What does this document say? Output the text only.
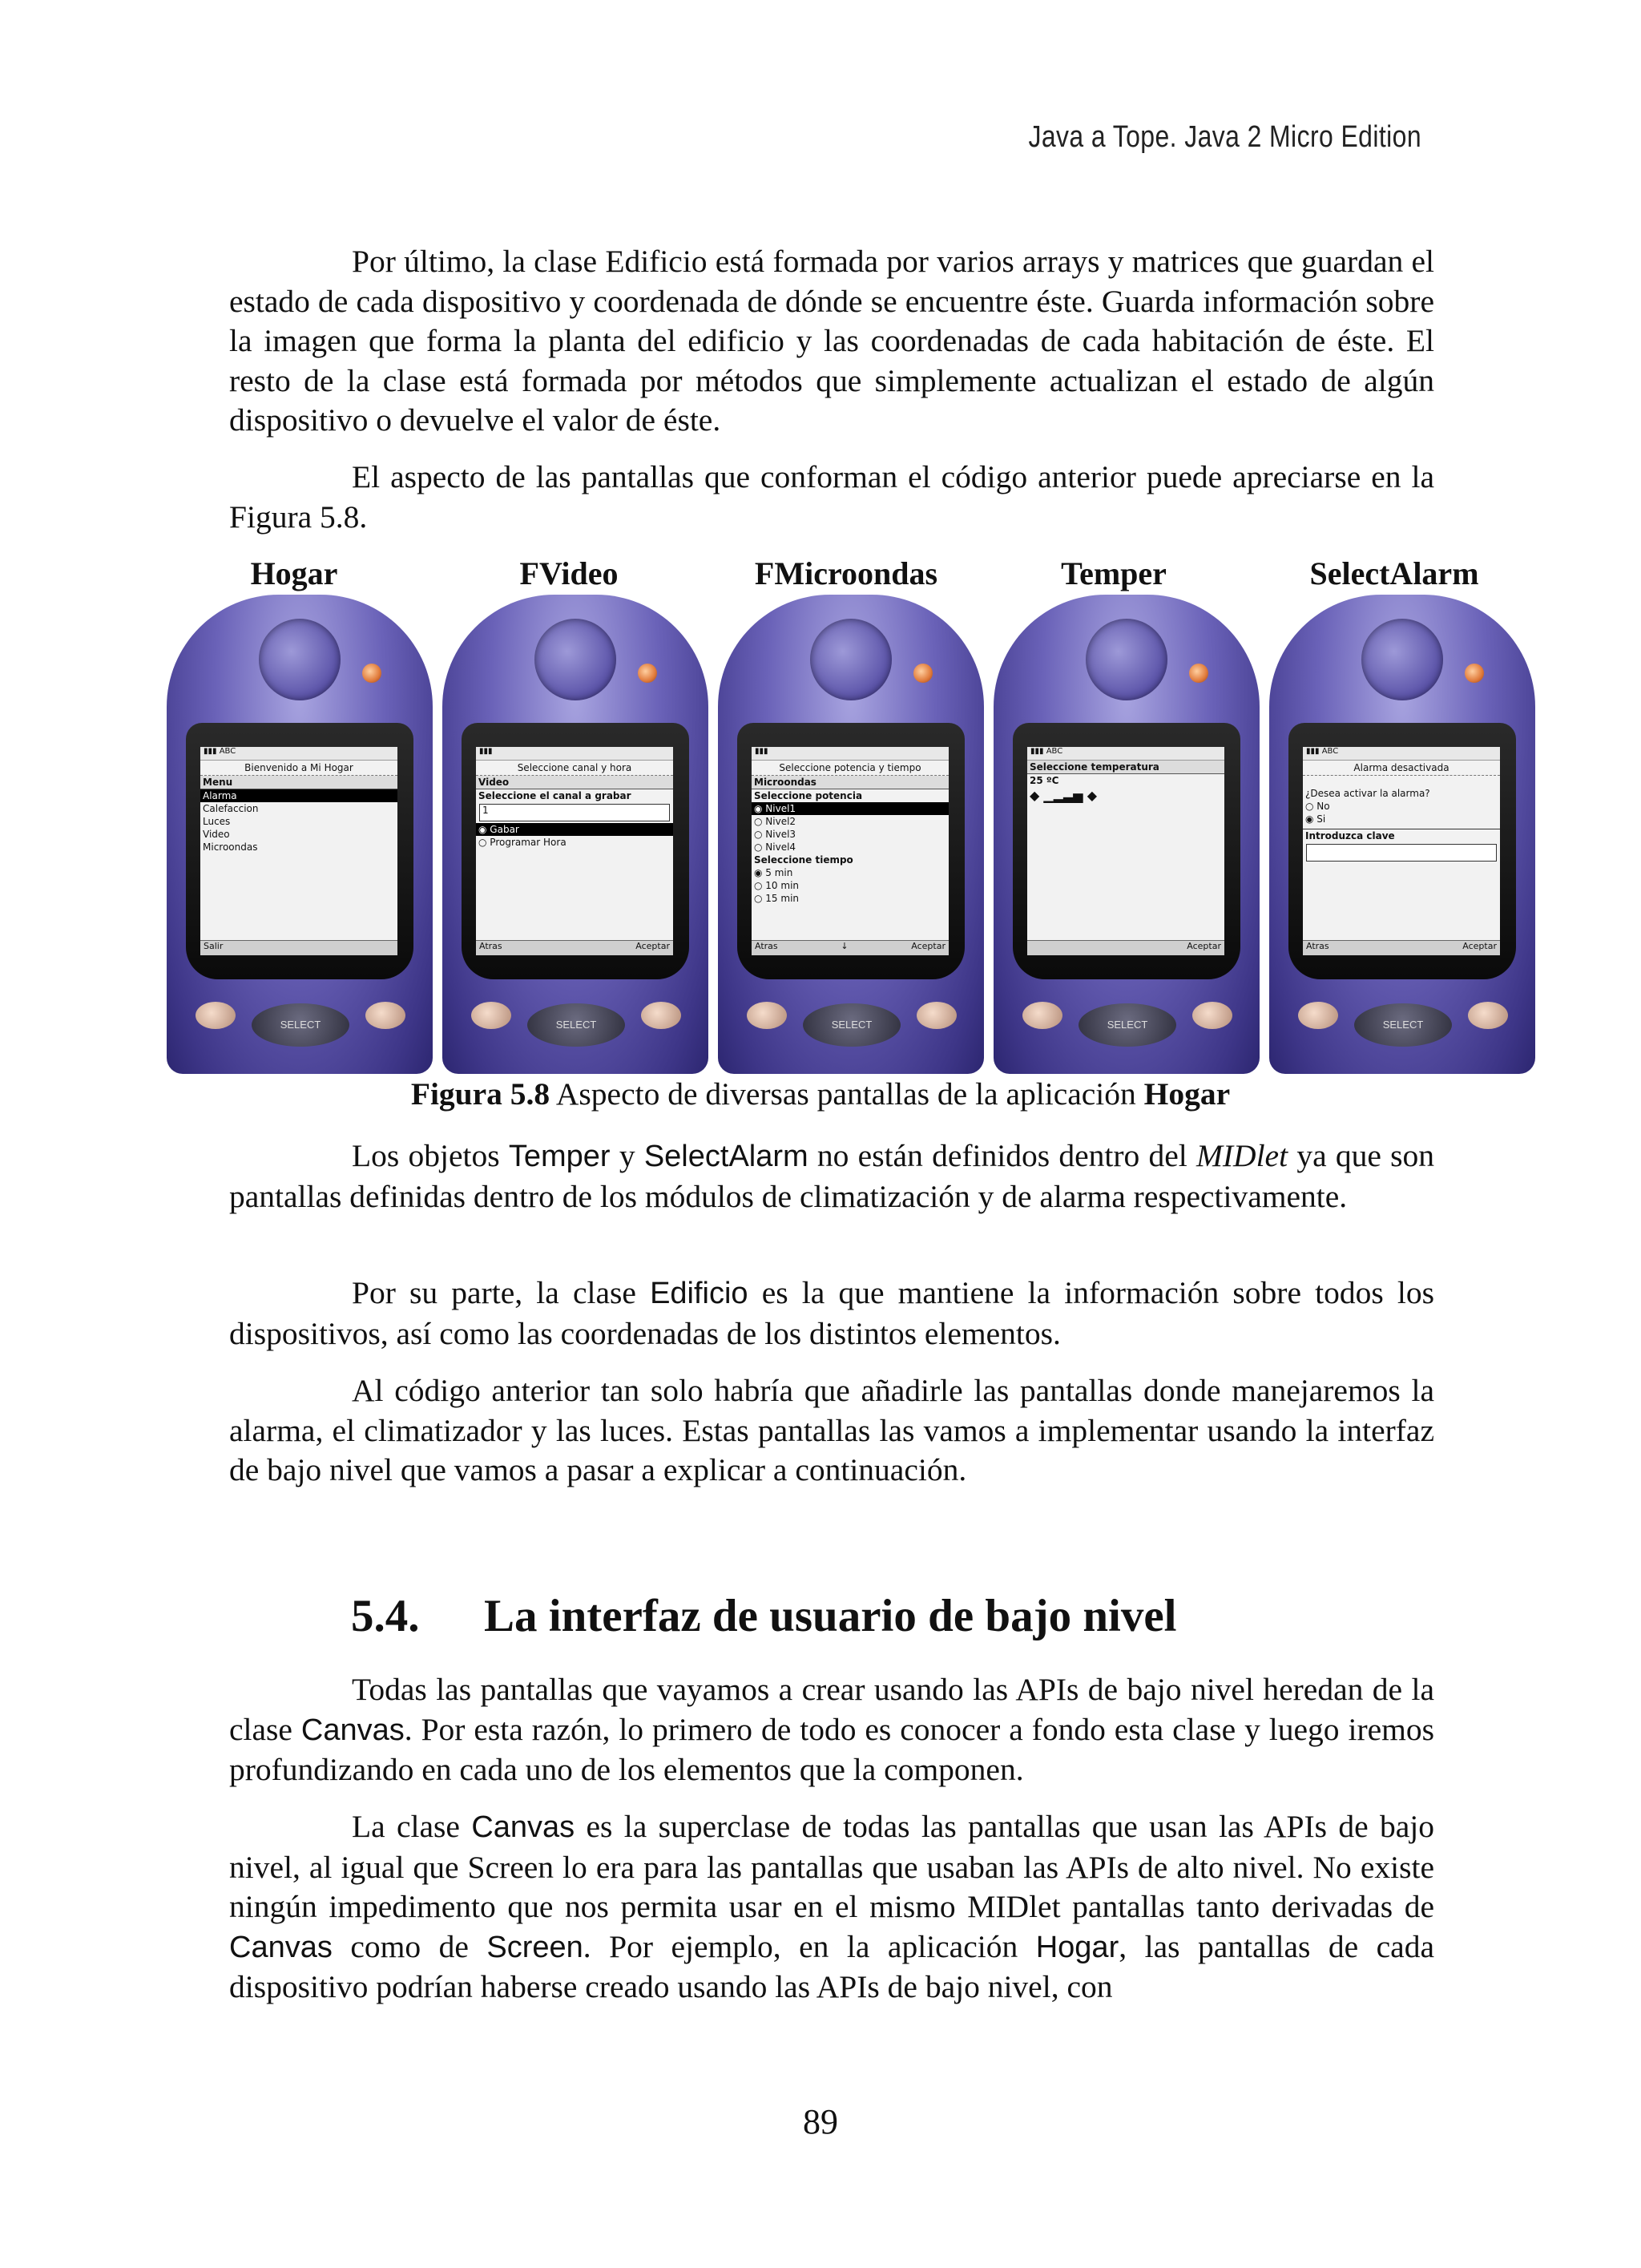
Java a Tope. Java 2 Micro Edition

Por último, la clase Edificio está formada por varios arrays y matrices que guardan el estado de cada dispositivo y coordenada de dónde se encuentre éste. Guarda información sobre la imagen que forma la planta del edificio y las coordenadas de cada habitación de éste. El resto de la clase está formada por métodos que simplemente actualizan el estado de algún dispositivo o devuelve el valor de éste.

El aspecto de las pantallas que conforman el código anterior puede apreciarse en la Figura 5.8.

Hogar	FVideo	FMicroondas	Temper	SelectAlarm
▮▮▮ ABC
Bienvenido a Mi Hogar
Menu
Alarma
Calefaccion
Luces
Video
Microondas
Salir
SELECT
▮▮▮
Seleccione canal y hora
Video
Seleccione el canal a grabar
1
◉ Gabar
○ Programar Hora
Atras	Aceptar
SELECT
▮▮▮
Seleccione potencia y tiempo
Microondas
Seleccione potencia
◉ Nivel1
○ Nivel2
○ Nivel3
○ Nivel4
Seleccione tiempo
◉ 5 min
○ 10 min
○ 15 min
Atras	↓	Aceptar
SELECT
▮▮▮ ABC
Seleccione temperatura
25 ºC
◆ ▁▂▃▅ ◆
Aceptar
SELECT
▮▮▮ ABC
Alarma desactivada
¿Desea activar la alarma?
○ No
◉ Si
Introduzca clave
Atras	Aceptar
SELECT
Figura 5.8 Aspecto de diversas pantallas de la aplicación Hogar

Los objetos Temper y SelectAlarm no están definidos dentro del MIDlet ya que son pantallas definidas dentro de los módulos de climatización y de alarma respectivamente.

Por su parte, la clase Edificio es la que mantiene la información sobre todos los dispositivos, así como las coordenadas de los distintos elementos.

Al código anterior tan solo habría que añadirle las pantallas donde manejaremos la alarma, el climatizador y las luces. Estas pantallas las vamos a implementar usando la interfaz de bajo nivel que vamos a pasar a explicar a continuación.

5.4. La interfaz de usuario de bajo nivel

Todas las pantallas que vayamos a crear usando las APIs de bajo nivel heredan de la clase Canvas. Por esta razón, lo primero de todo es conocer a fondo esta clase y luego iremos profundizando en cada uno de los elementos que la componen.

La clase Canvas es la superclase de todas las pantallas que usan las APIs de bajo nivel, al igual que Screen lo era para las pantallas que usaban las APIs de alto nivel. No existe ningún impedimento que nos permita usar en el mismo MIDlet pantallas tanto derivadas de Canvas como de Screen. Por ejemplo, en la aplicación Hogar, las pantallas de cada dispositivo podrían haberse creado usando las APIs de bajo nivel, con

89
